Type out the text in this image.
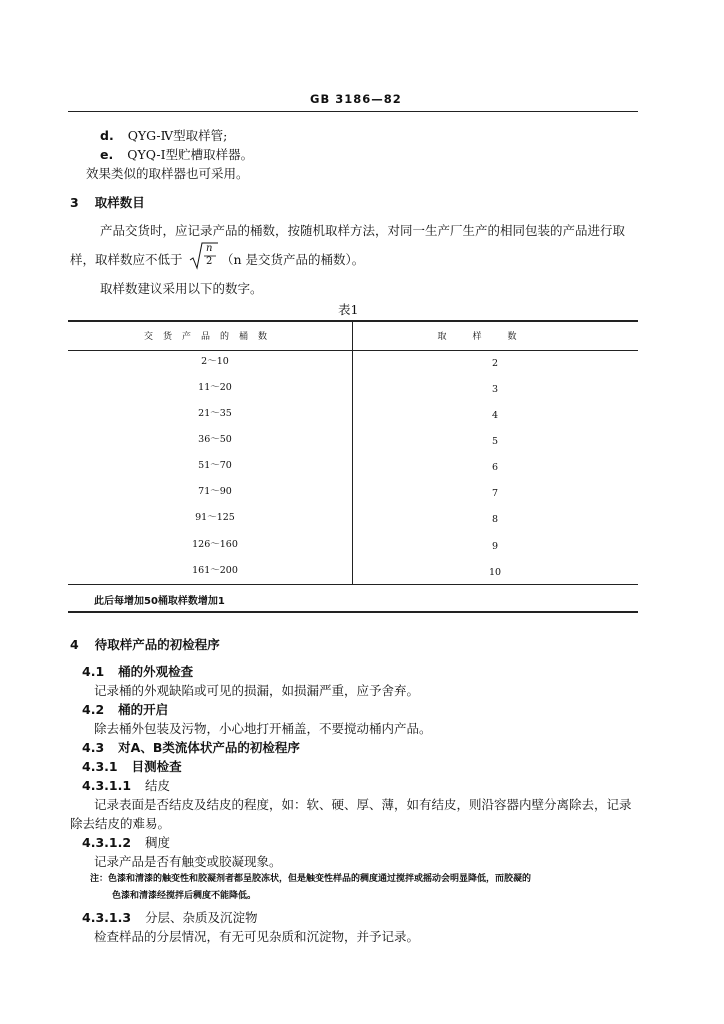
GB 3186—82
d. QYG-Ⅳ型取样管;
e. QYQ-Ⅰ型贮槽取样器。
效果类似的取样器也可采用。
3 取样数目
产品交货时，应记录产品的桶数，按随机取样方法，对同一生产厂生产的相同包装的产品进行取
样，取样数应不低于
n
2 （n 是交货产品的桶数）。
取样数建议采用以下的数字。
表1
交货产品的桶数	取样数
2～10	2
11～20	3
21～35	4
36～50	5
51～70	6
71～90	7
91～125	8
126～160	9
161～200	10
此后每增加50桶取样数增加1
4 待取样产品的初检程序
4.1 桶的外观检查
记录桶的外观缺陷或可见的损漏，如损漏严重，应予舍弃。
4.2 桶的开启
除去桶外包装及污物，小心地打开桶盖，不要搅动桶内产品。
4.3 对A、B类流体状产品的初检程序
4.3.1 目测检查
4.3.1.1 结皮
记录表面是否结皮及结皮的程度，如：软、硬、厚、薄，如有结皮，则沿容器内壁分离除去，记录
除去结皮的难易。
4.3.1.2 稠度
记录产品是否有触变或胶凝现象。
注：色漆和清漆的触变性和胶凝剂者都呈胶冻状，但是触变性样品的稠度通过搅拌或摇动会明显降低，而胶凝的
色漆和清漆经搅拌后稠度不能降低。
4.3.1.3 分层、杂质及沉淀物
检查样品的分层情况，有无可见杂质和沉淀物，并予记录。
